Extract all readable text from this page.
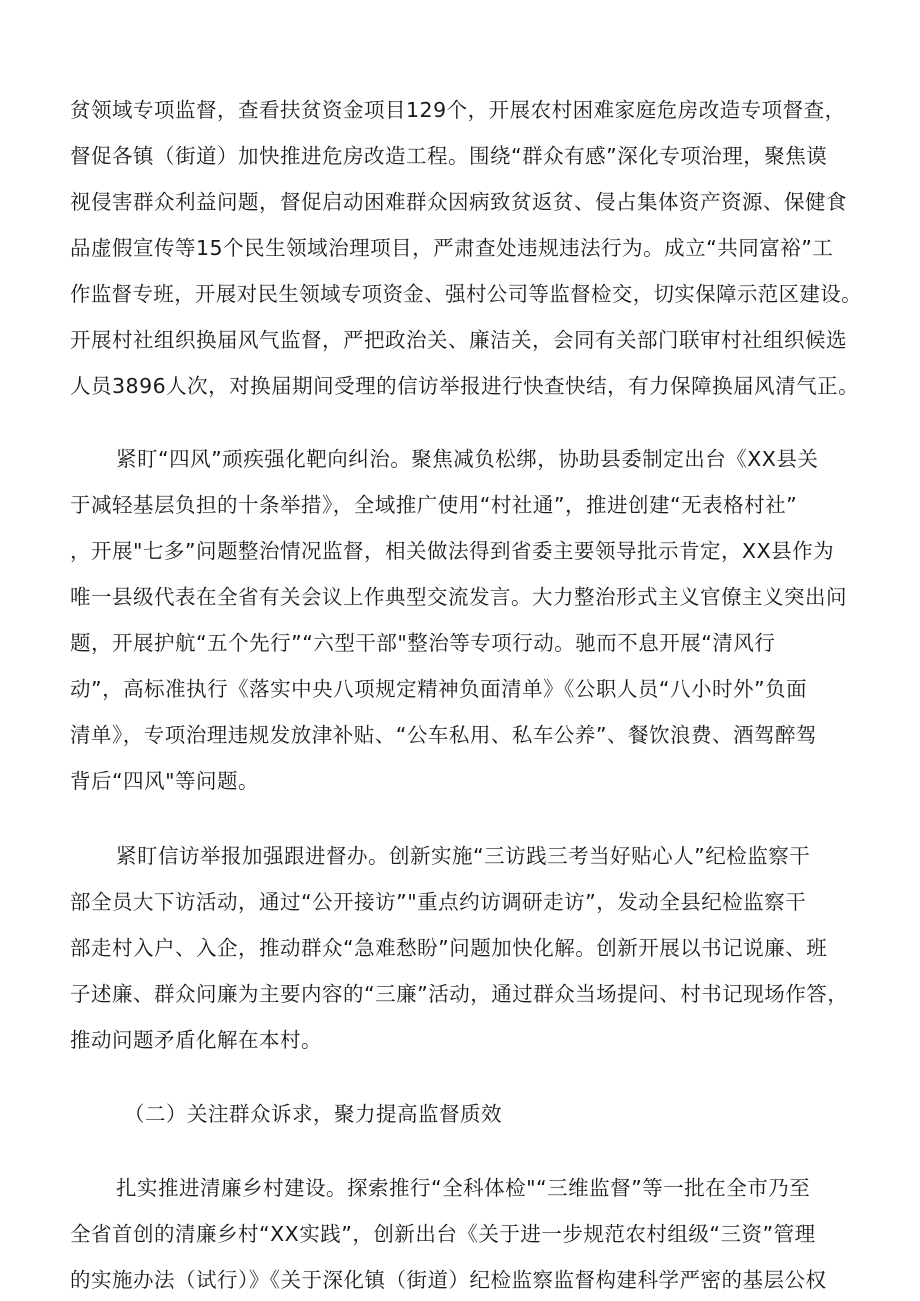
贫领域专项监督，查看扶贫资金项目129个，开展农村困难家庭危房改造专项督查，
督促各镇（街道）加快推进危房改造工程。围绕“群众有感”深化专项治理，聚焦谟
视侵害群众利益问题，督促启动困难群众因病致贫返贫、侵占集体资产资源、保健食
品虚假宣传等15个民生领域治理项目，严肃查处违规违法行为。成立“共同富裕”工
作监督专班，开展对民生领域专项资金、强村公司等监督检交，切实保障示范区建设。
开展村社组织换届风气监督，严把政治关、廉洁关，会同有关部门联审村社组织候选
人员3896人次，对换届期间受理的信访举报进行快查快结，有力保障换届风清气正。
紧盯“四风”顽疾强化靶向纠治。聚焦减负松绑，协助县委制定出台《XX县关
于减轻基层负担的十条举措》，全域推广使用“村社通”，推进创建“无表格村社”
，开展"七多”问题整治情况监督，相关做法得到省委主要领导批示肯定，XX县作为
唯一县级代表在全省有关会议上作典型交流发言。大力整治形式主义官僚主义突出问
题，开展护航“五个先行”“六型干部"整治等专项行动。驰而不息开展“清风行
动”，高标准执行《落实中央八项规定精神负面清单》《公职人员“八小时外”负面
清单》，专项治理违规发放津补贴、“公车私用、私车公养”、餐饮浪费、酒驾醉驾
背后“四风"等问题。
紧盯信访举报加强跟进督办。创新实施“三访践三考当好贴心人”纪检监察干
部全员大下访活动，通过“公开接访”"重点约访调研走访”，发动全县纪检监察干
部走村入户、入企，推动群众“急难愁盼”问题加快化解。创新开展以书记说廉、班
子述廉、群众问廉为主要内容的“三廉”活动，通过群众当场提问、村书记现场作答，
推动问题矛盾化解在本村。
（二）关注群众诉求，聚力提高监督质效
扎实推进清廉乡村建设。探索推行“全科体检"“三维监督”等一批在全市乃至
全省首创的清廉乡村“XX实践”，创新出台《关于进一步规范农村组级“三资”管理
的实施办法（试行）》《关于深化镇（街道）纪检监察监督构建科学严密的基层公权
